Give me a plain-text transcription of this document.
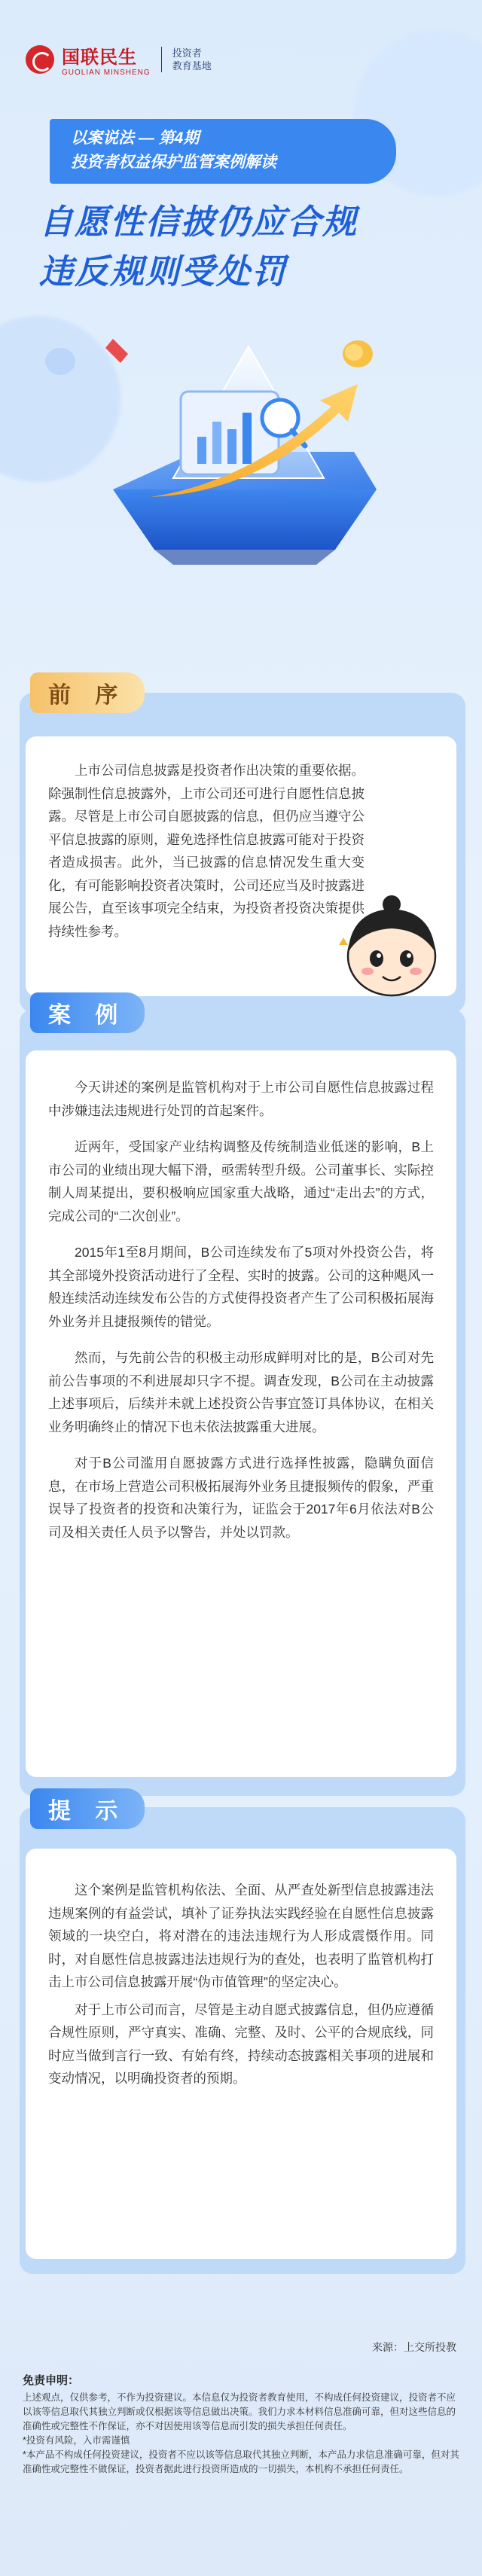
国联民生
GUOLIAN MINSHENG
投资者
教育基地
以案说法 — 第4期
投资者权益保护监管案例解读
自愿性信披仍应合规
违反规则受处罚

上市公司信息披露是投资者作出决策的重要依据。除强制性信息披露外，上市公司还可进行自愿性信息披露。尽管是上市公司自愿披露的信息，但仍应当遵守公平信息披露的原则，避免选择性信息披露可能对于投资者造成损害。此外，当已披露的信息情况发生重大变化，有可能影响投资者决策时，公司还应当及时披露进展公告，直至该事项完全结束，为投资者投资决策提供持续性参考。

前 序

今天讲述的案例是监管机构对于上市公司自愿性信息披露过程中涉嫌违法违规进行处罚的首起案件。

近两年，受国家产业结构调整及传统制造业低迷的影响，B上市公司的业绩出现大幅下滑，亟需转型升级。公司董事长、实际控制人周某提出，要积极响应国家重大战略，通过“走出去”的方式，完成公司的“二次创业”。

2015年1至8月期间，B公司连续发布了5项对外投资公告，将其全部境外投资活动进行了全程、实时的披露。公司的这种飓风一般连续活动连续发布公告的方式使得投资者产生了公司积极拓展海外业务并且捷报频传的错觉。

然而，与先前公告的积极主动形成鲜明对比的是，B公司对先前公告事项的不利进展却只字不提。调查发现，B公司在主动披露上述事项后，后续并未就上述投资公告事宜签订具体协议，在相关业务明确终止的情况下也未依法披露重大进展。

对于B公司滥用自愿披露方式进行选择性披露，隐瞒负面信息，在市场上营造公司积极拓展海外业务且捷报频传的假象，严重误导了投资者的投资和决策行为，证监会于2017年6月依法对B公司及相关责任人员予以警告，并处以罚款。

案 例

这个案例是监管机构依法、全面、从严查处新型信息披露违法违规案例的有益尝试，填补了证券执法实践经验在自愿性信息披露领域的一块空白，将对潜在的违法违规行为人形成震慑作用。同时，对自愿性信息披露违法违规行为的查处，也表明了监管机构打击上市公司信息披露开展“伪市值管理”的坚定决心。

对于上市公司而言，尽管是主动自愿式披露信息，但仍应遵循合规性原则，严守真实、准确、完整、及时、公平的合规底线，同时应当做到言行一致、有始有终，持续动态披露相关事项的进展和变动情况，以明确投资者的预期。

提 示
来源：上交所投教
免责申明：
上述观点，仅供参考，不作为投资建议。本信息仅为投资者教育使用，不构成任何投资建议，投资者不应以该等信息取代其独立判断或仅根据该等信息做出决策。我们力求本材料信息准确可靠，但对这些信息的准确性或完整性不作保证，亦不对因使用该等信息而引发的损失承担任何责任。
*投资有风险，入市需谨慎
*本产品不构成任何投资建议，投资者不应以该等信息取代其独立判断，本产品力求信息准确可靠，但对其准确性或完整性不做保证，投资者据此进行投资所造成的一切损失，本机构不承担任何责任。
